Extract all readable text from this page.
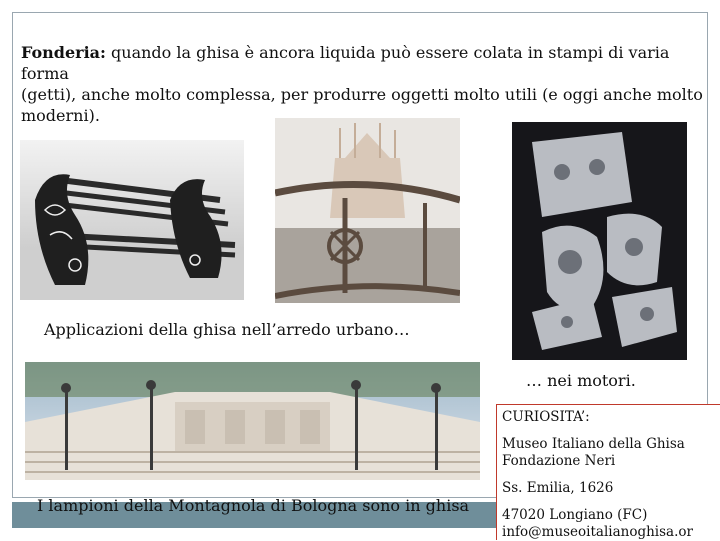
Fonderia: quando la ghisa è ancora liquida può essere colata in stampi di varia forma
(getti), anche molto complessa, per produrre oggetti molto utili (e oggi anche molto
moderni).
Applicazioni della ghisa nell’arredo urbano…
… nei motori.
I lampioni della Montagnola di Bologna sono in ghisa
CURIOSITA’:
Museo Italiano della Ghisa
Fondazione Neri
Ss. Emilia, 1626
47020 Longiano (FC)
info@museoitalianoghisa.or
